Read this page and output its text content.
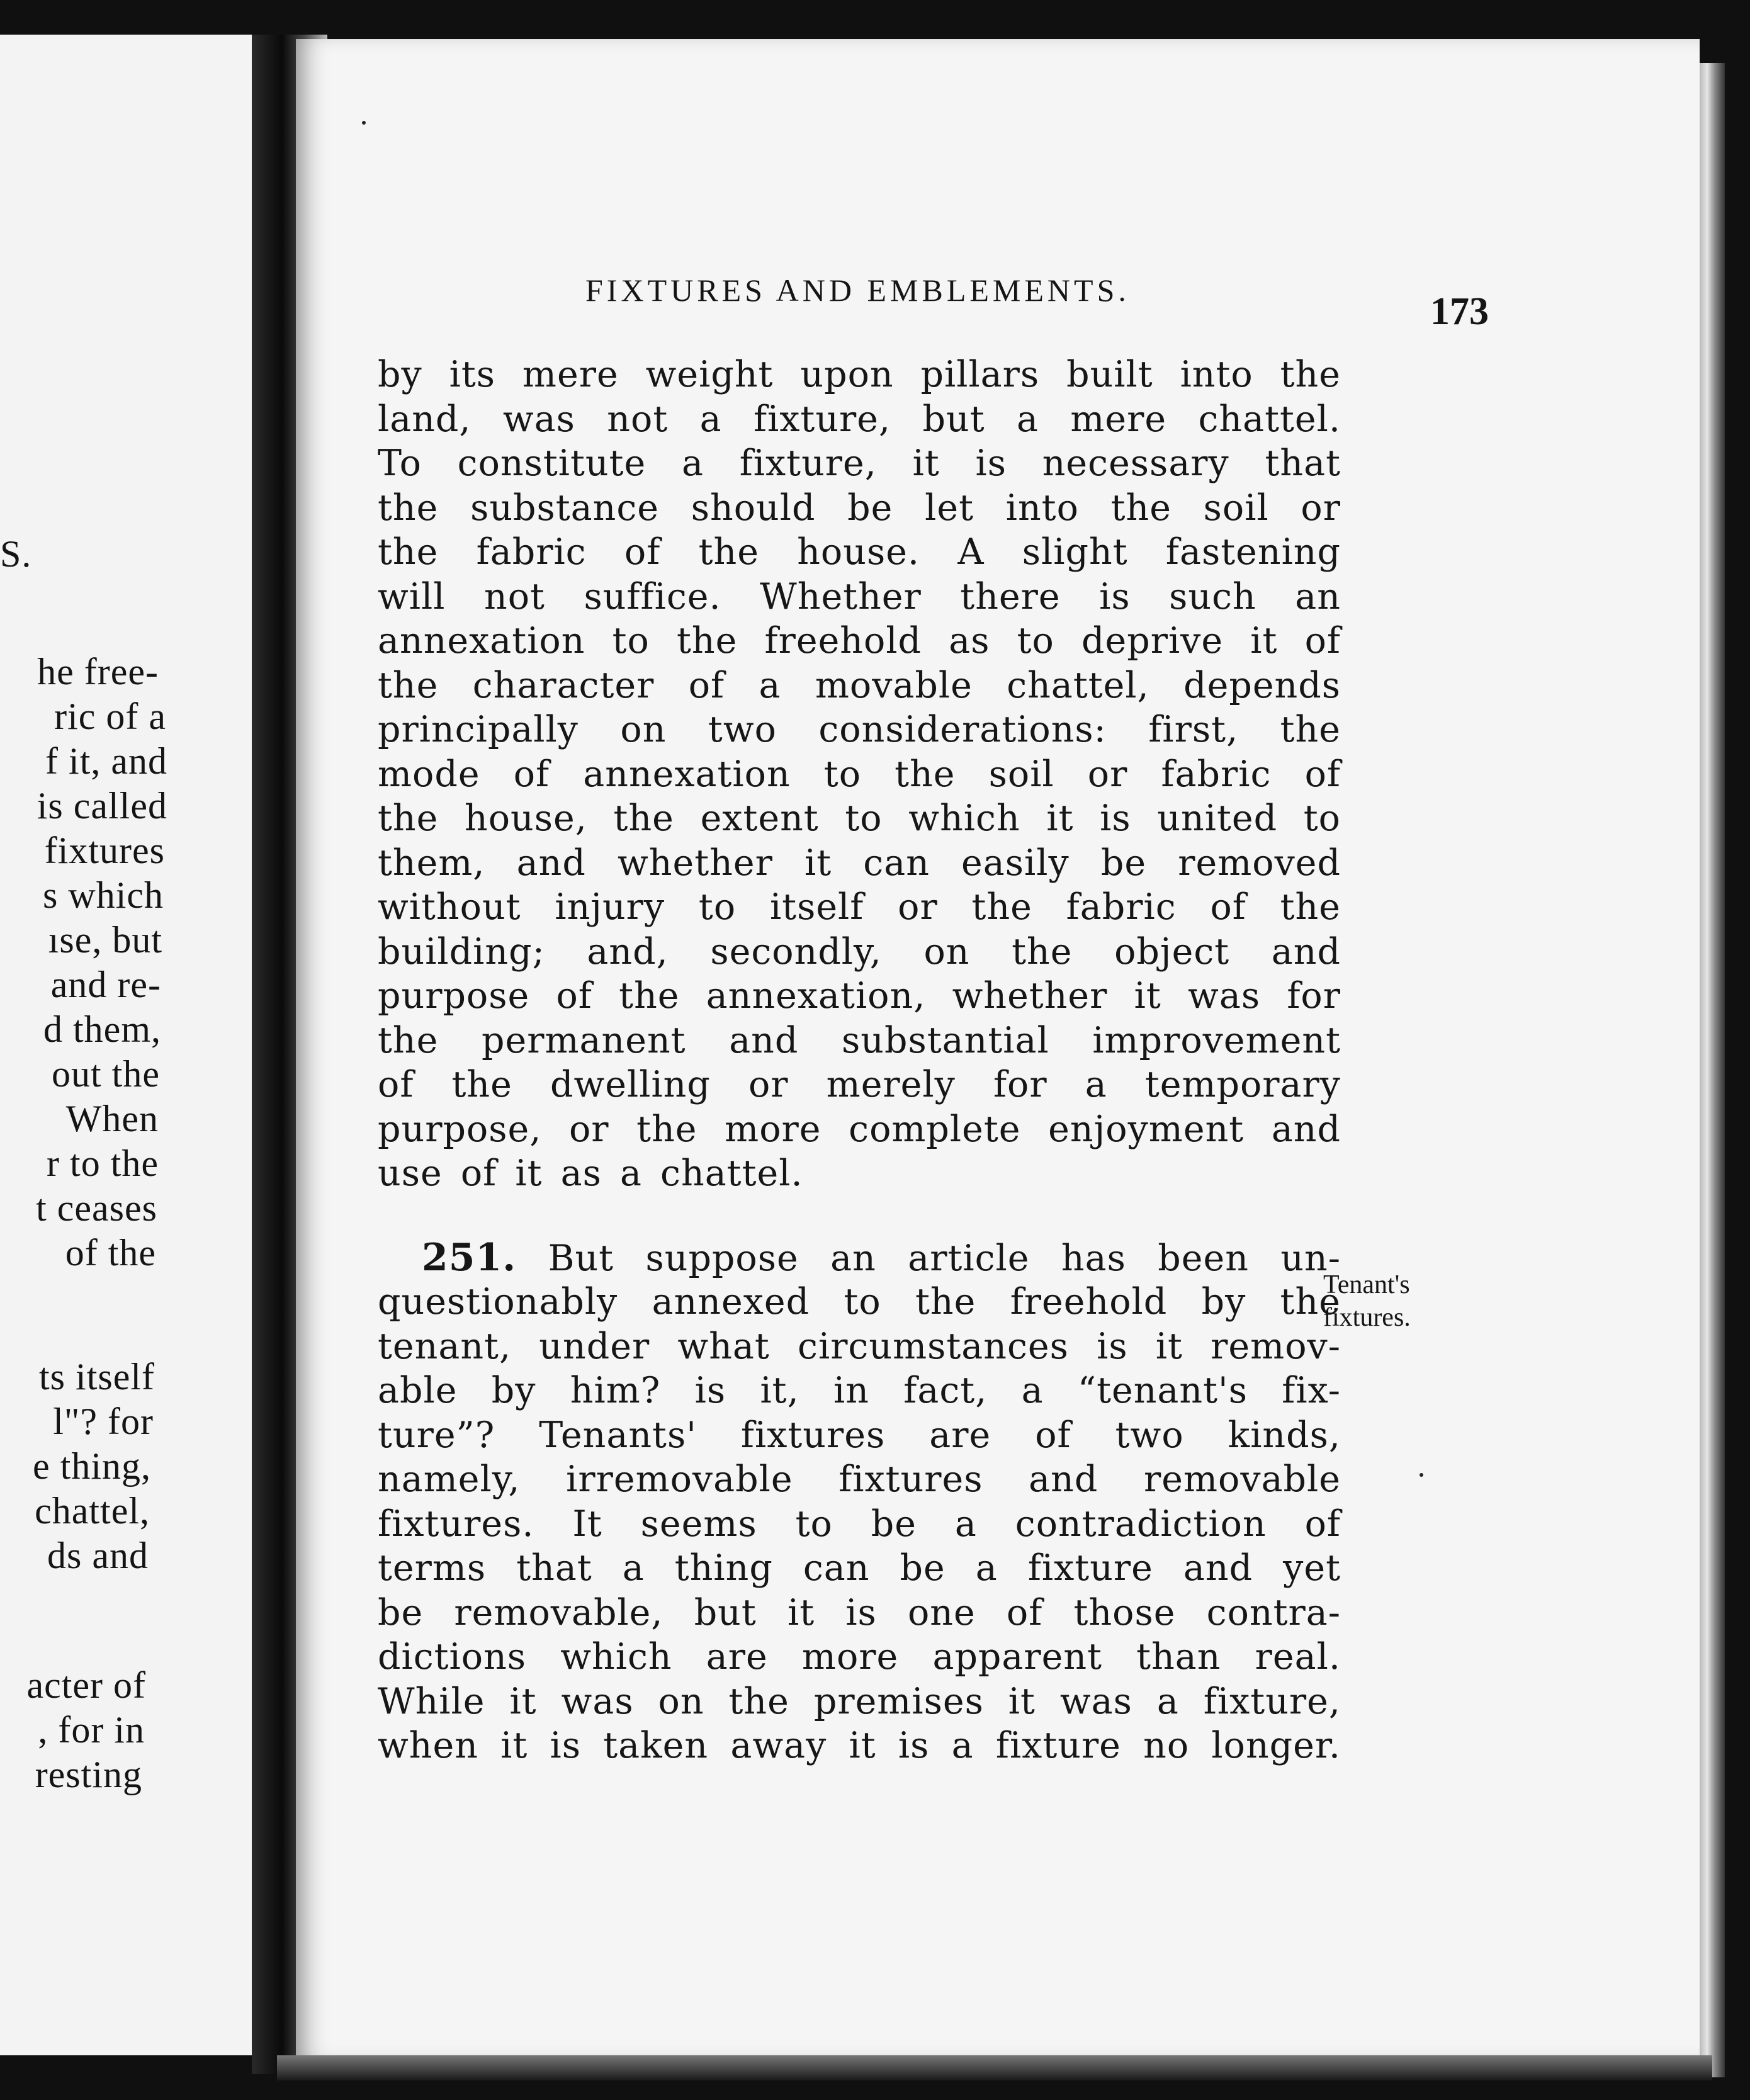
S.
he free-
ric of a
f it, and
is called
fixtures
s which
ıse, but
and re-
d them,
out the
When
r to the
t ceases
of the
ts itself
l"? for
e thing,
chattel,
ds and
acter of
, for in
resting
FIXTURES AND EMBLEMENTS.	173
by its mere weight upon pillars built into the
land, was not a fixture, but a mere chattel.
To constitute a fixture, it is necessary that
the substance should be let into the soil or
the fabric of the house. A slight fastening
will not suffice. Whether there is such an
annexation to the freehold as to deprive it of
the character of a movable chattel, depends
principally on two considerations: first, the
mode of annexation to the soil or fabric of
the house, the extent to which it is united to
them, and whether it can easily be removed
without injury to itself or the fabric of the
building; and, secondly, on the object and
purpose of the annexation, whether it was for
the permanent and substantial improvement
of the dwelling or merely for a temporary
purpose, or the more complete enjoyment and
use of it as a chattel.
251. But suppose an article has been un-
questionably annexed to the freehold by the
tenant, under what circumstances is it remov-
able by him? is it, in fact, a “tenant's fix-
ture”? Tenants' fixtures are of two kinds,
namely, irremovable fixtures and removable
fixtures. It seems to be a contradiction of
terms that a thing can be a fixture and yet
be removable, but it is one of those contra-
dictions which are more apparent than real.
While it was on the premises it was a fixture,
when it is taken away it is a fixture no longer.
Tenant's
fixtures.
